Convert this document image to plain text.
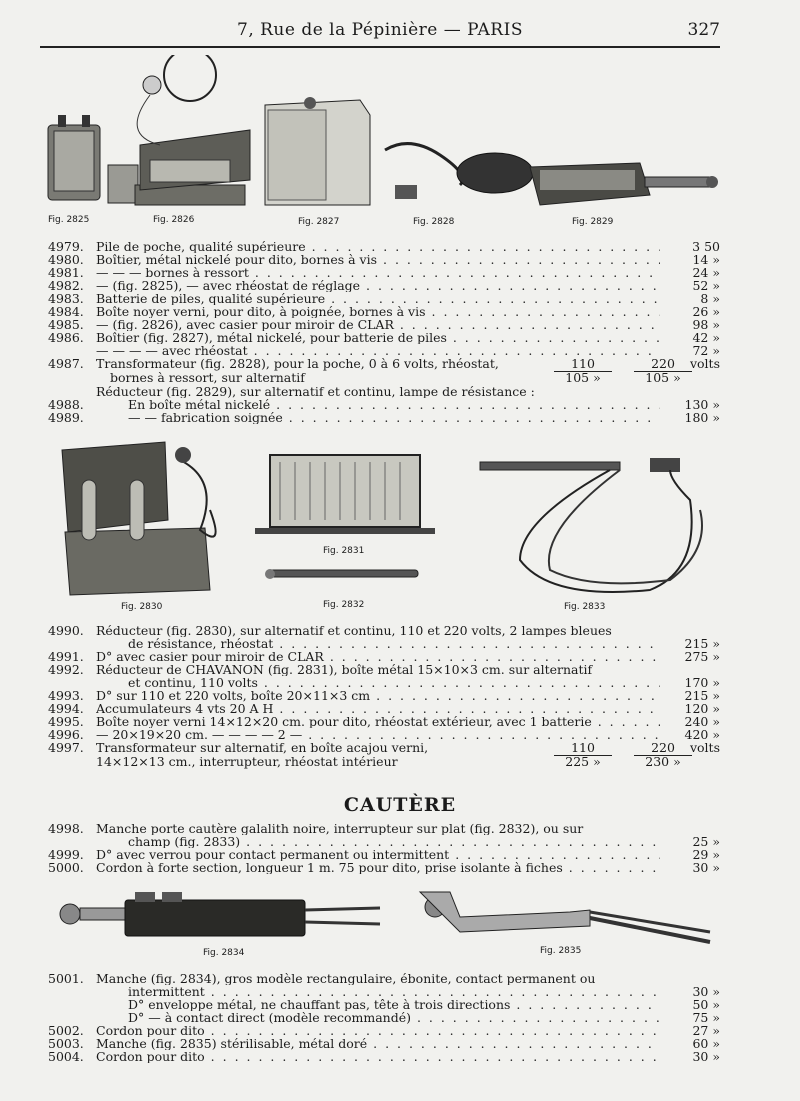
7, Rue de la Pépinière — PARIS	327
Fig. 2825	Fig. 2826	Fig. 2827	Fig. 2828	Fig. 2829
4979. Pile de poche, qualité supérieure . . .	3 50
4980. Boîtier, métal nickelé pour dito, bornes à vis . . .	14 »
4981. — — — bornes à ressort . . .	24 »
4982. — (fig. 2825), — avec rhéostat de réglage . . .	52 »
4983. Batterie de piles, qualité supérieure . . .	8 »
4984. Boîte noyer verni, pour dito, à poignée, bornes à vis . . .	26 »
4985. — (fig. 2826), avec casier pour miroir de CLAR . . .	98 »
4986. Boîtier (fig. 2827), métal nickelé, pour batterie de piles . . .	42 »
— — — — avec rhéostat . . .	72 »
4987. Transformateur (fig. 2828), pour la poche, 0 à 6 volts, rhéostat,	110	220	volts
bornes à ressort, sur alternatif	105 »	105 »
Réducteur (fig. 2829), sur alternatif et continu, lampe de résistance :
4988.	En boîte métal nickelé . . .	130 »
4989.	— — fabrication soignée . . .	180 »
Fig. 2830
Fig. 2831
Fig. 2832	Fig. 2833
4990. Réducteur (fig. 2830), sur alternatif et continu, 110 et 220 volts, 2 lampes bleues
de résistance, rhéostat . . .	215 »
4991. D° avec casier pour miroir de CLAR . . .	275 »
4992. Réducteur de CHAVANON (fig. 2831), boîte métal 15×10×3 cm. sur alternatif
et continu, 110 volts . . .	170 »
4993. D° sur 110 et 220 volts, boîte 20×11×3 cm . . .	215 »
4994. Accumulateurs 4 vts 20 A H . . .	120 »
4995. Boîte noyer verni 14×12×20 cm. pour dito, rhéostat extérieur, avec 1 batterie . . .	240 »
4996. — 20×19×20 cm. — — — — 2 — . . .	420 »
4997. Transformateur sur alternatif, en boîte acajou verni,	110	220	volts
14×12×13 cm., interrupteur, rhéostat intérieur	225 »	230 »
CAUTÈRE
4998. Manche porte cautère galalith noire, interrupteur sur plat (fig. 2832), ou sur
champ (fig. 2833) . . .	25 »
4999. D° avec verrou pour contact permanent ou intermittent . . .	29 »
5000. Cordon à forte section, longueur 1 m. 75 pour dito, prise isolante à fiches . . .	30 »
Fig. 2834	Fig. 2835
5001. Manche (fig. 2834), gros modèle rectangulaire, ébonite, contact permanent ou
intermittent . . .	30 »
D° enveloppe métal, ne chauffant pas, tête à trois directions . . .	50 »
D° — à contact direct (modèle recommandé) . . .	75 »
5002. Cordon pour dito . . .	27 »
5003. Manche (fig. 2835) stérilisable, métal doré . . .	60 »
5004. Cordon pour dito . . .	30 »
